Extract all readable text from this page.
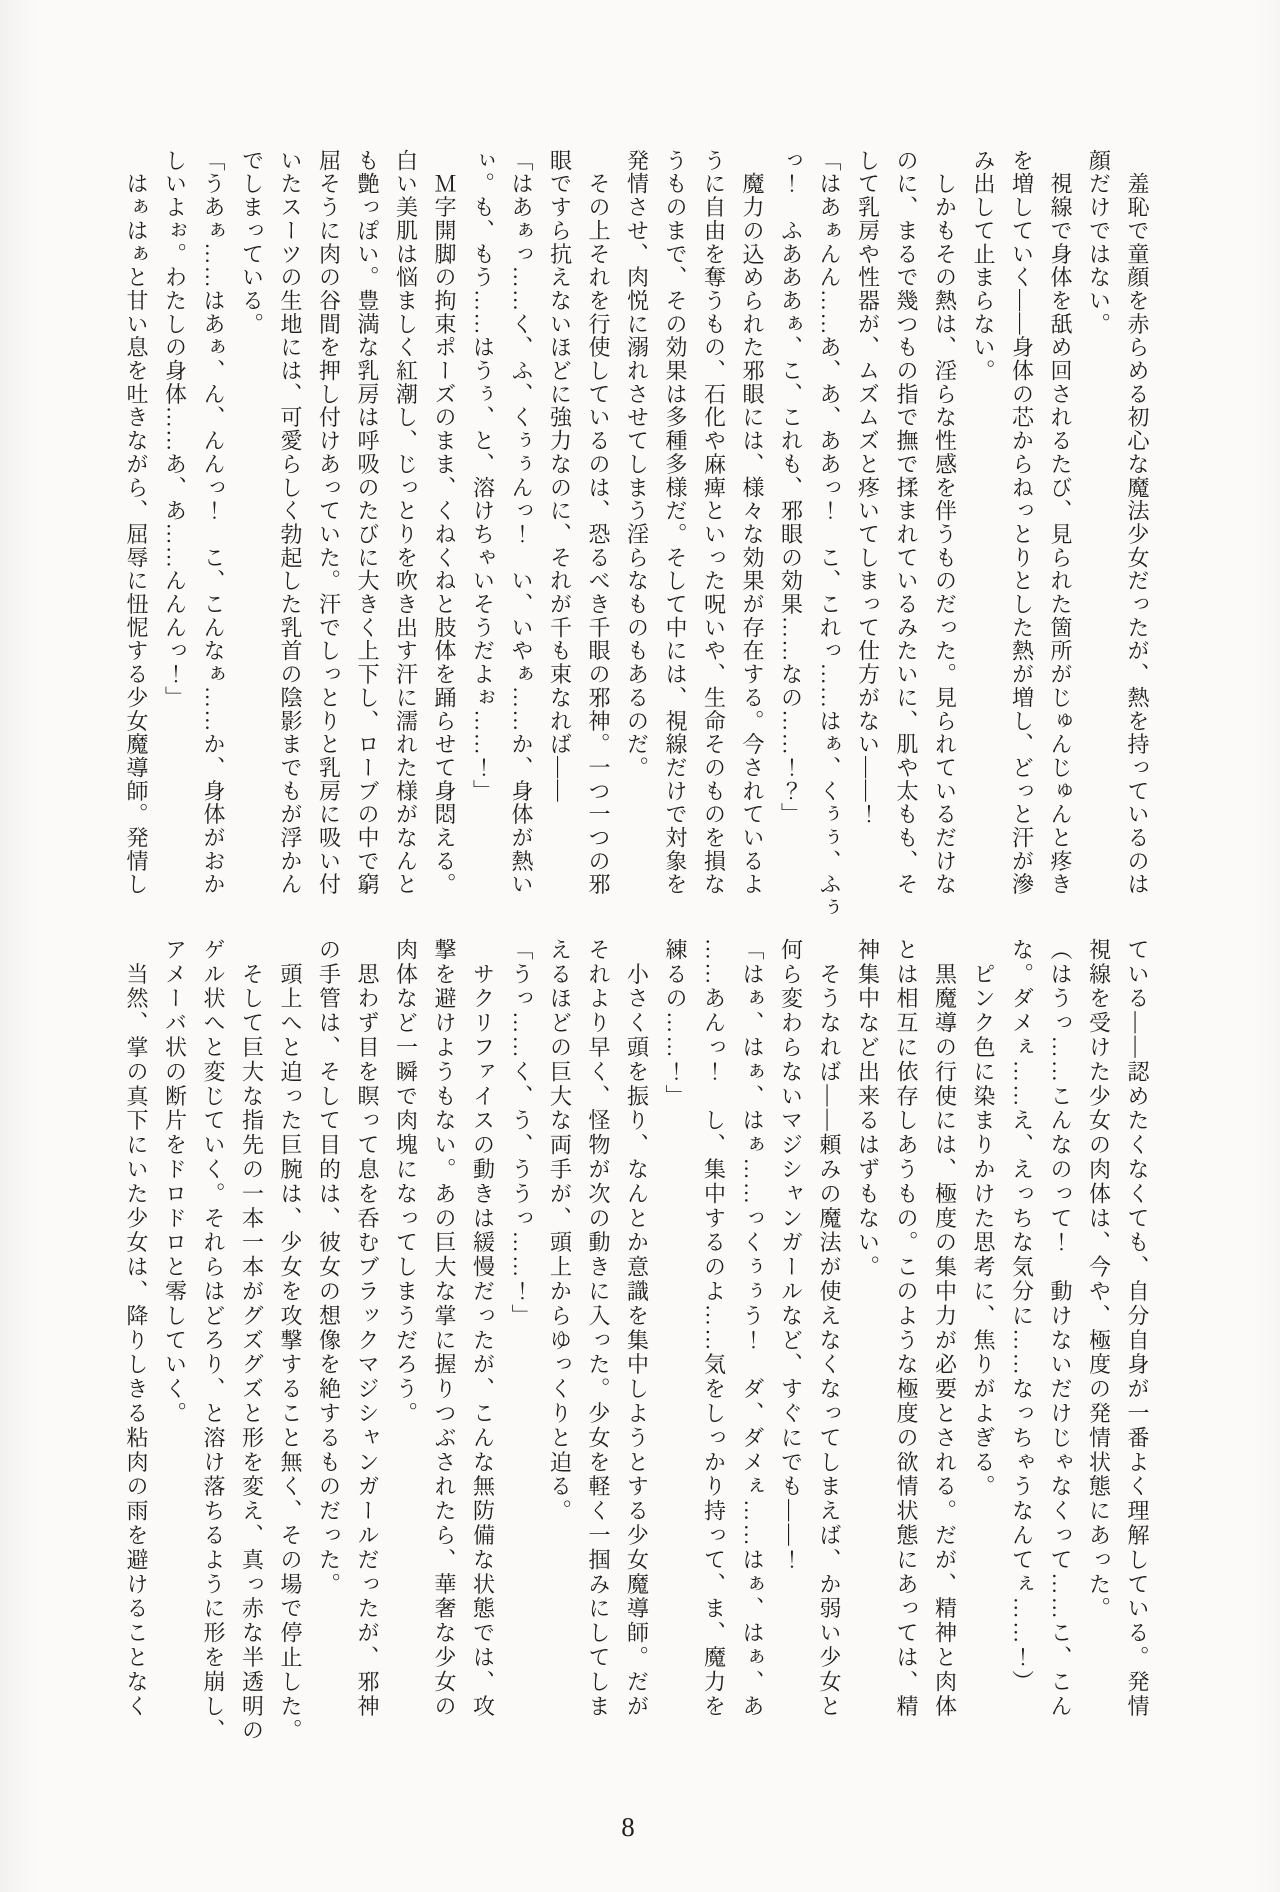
　羞恥で童顔を赤らめる初心な魔法少女だったが、熱を持っているのは
顔だけではない。
　視線で身体を舐め回されるたび、見られた箇所がじゅんじゅんと疼き
を増していく――身体の芯からねっとりとした熱が増し、どっと汗が滲
み出して止まらない。
　しかもその熱は、淫らな性感を伴うものだった。見られているだけな
のに、まるで幾つもの指で撫で揉まれているみたいに、肌や太もも、そ
して乳房や性器が、ムズムズと疼いてしまって仕方がない――！
「はあぁんん……あ、あ、ああっ！　こ、これっ……はぁ、くぅぅ、ふぅ
っ！　ふあああぁ、こ、これも、邪眼の効果……なの……！？」
　魔力の込められた邪眼には、様々な効果が存在する。今されているよ
うに自由を奪うもの、石化や麻痺といった呪いや、生命そのものを損な
うものまで、その効果は多種多様だ。そして中には、視線だけで対象を
発情させ、肉悦に溺れさせてしまう淫らなものもあるのだ。
　その上それを行使しているのは、恐るべき千眼の邪神。一つ一つの邪
眼ですら抗えないほどに強力なのに、それが千も束なれば――
「はあぁっ……く、ふ、くぅぅんっ！　い、いやぁ……か、身体が熱い
ぃ。も、もう……はうぅ、と、溶けちゃいそうだよぉ……！」
　Ｍ字開脚の拘束ポーズのまま、くねくねと肢体を踊らせて身悶える。
白い美肌は悩ましく紅潮し、じっとりを吹き出す汗に濡れた様がなんと
も艶っぽい。豊満な乳房は呼吸のたびに大きく上下し、ローブの中で窮
屈そうに肉の谷間を押し付けあっていた。汗でしっとりと乳房に吸い付
いたスーツの生地には、可愛らしく勃起した乳首の陰影までもが浮かん
でしまっている。
「うあぁ……はあぁ、ん、んんっ！　こ、こんなぁ……か、身体がおか
しいよぉ。わたしの身体……あ、あ……んんんっ！」
　はぁはぁと甘い息を吐きながら、屈辱に忸怩する少女魔導師。発情し
ている――認めたくなくても、自分自身が一番よく理解している。発情
視線を受けた少女の肉体は、今や、極度の発情状態にあった。
（はうっ……こんなのって！　動けないだけじゃなくって……こ、こん
な。ダメぇ……え、えっちな気分に……なっちゃうなんてぇ……！）
　ピンク色に染まりかけた思考に、焦りがよぎる。
　黒魔導の行使には、極度の集中力が必要とされる。だが、精神と肉体
とは相互に依存しあうもの。このような極度の欲情状態にあっては、精
神集中など出来るはずもない。
　そうなれば――頼みの魔法が使えなくなってしまえば、か弱い少女と
何ら変わらないマジシャンガールなど、すぐにでも――！
「はぁ、はぁ、はぁ……っくぅぅう！　ダ、ダメぇ……はぁ、はぁ、あ
……あんっ！　し、集中するのよ……気をしっかり持って、ま、魔力を
練るの……！」
　小さく頭を振り、なんとか意識を集中しようとする少女魔導師。だが
それより早く、怪物が次の動きに入った。少女を軽く一掴みにしてしま
えるほどの巨大な両手が、頭上からゆっくりと迫る。
「うっ……く、う、ううっ……！」
　サクリファイスの動きは緩慢だったが、こんな無防備な状態では、攻
撃を避けようもない。あの巨大な掌に握りつぶされたら、華奢な少女の
肉体など一瞬で肉塊になってしまうだろう。
　思わず目を瞑って息を呑むブラックマジシャンガールだったが、邪神
の手管は、そして目的は、彼女の想像を絶するものだった。
　頭上へと迫った巨腕は、少女を攻撃すること無く、その場で停止した。
　そして巨大な指先の一本一本がグズグズと形を変え、真っ赤な半透明の
ゲル状へと変じていく。それらはどろり、と溶け落ちるように形を崩し、
アメーバ状の断片をドロドロと零していく。
　当然、掌の真下にいた少女は、降りしきる粘肉の雨を避けることなく
8
